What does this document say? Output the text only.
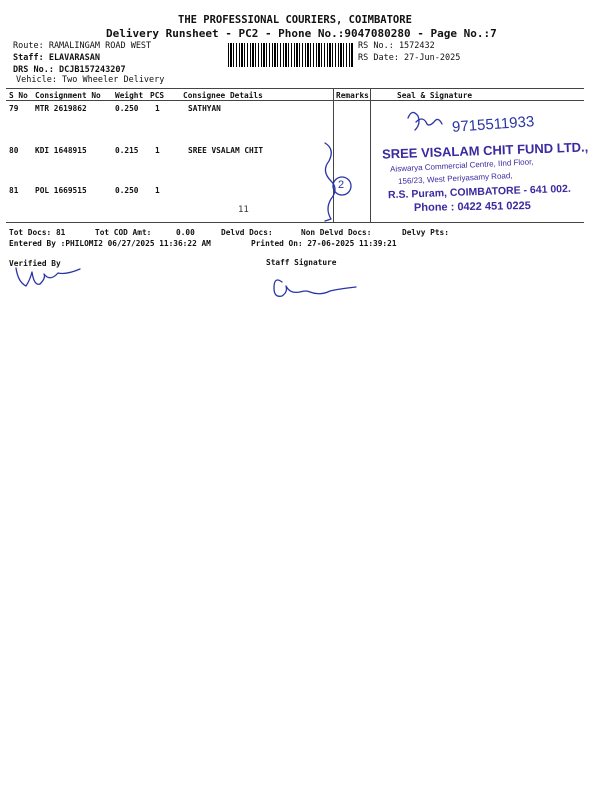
THE PROFESSIONAL COURIERS, COIMBATORE
Delivery Runsheet - PC2 - Phone No.:9047080280 - Page No.:7
Route: RAMALINGAM ROAD WEST
Staff: ELAVARASAN
DRS No.: DCJB157243207
Vehicle: Two Wheeler Delivery
RS No.: 1572432
RS Date: 27-Jun-2025
S No Consignment No Weight PCS Consignee Details	Remarks	Seal & Signature
79 MTR 2619862	0.250 1	SATHYAN
80 KDI 1648915	0.215 1	SREE VSALAM CHIT
81 POL 1669515	0.250 1
9715511933
11
2
SREE VISALAM CHIT FUND LTD.,
Aiswarya Commercial Centre, IInd Floor,
156/23, West Periyasamy Road,
R.S. Puram, COIMBATORE - 641 002.
Phone : 0422 451 0225
Tot Docs: 81	Tot COD Amt:	0.00	Delvd Docs:	Non Delvd Docs:	Delvy Pts:
Entered By :PHILOMI2 06/27/2025 11:36:22 AM	Printed On: 27-06-2025 11:39:21
Verified By	Staff Signature
